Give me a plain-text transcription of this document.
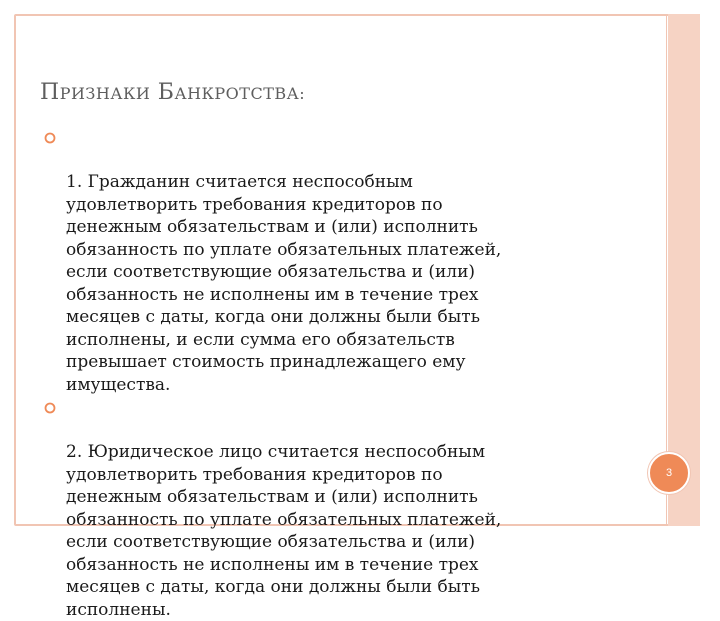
ПРИЗНАКИ БАНКРОТСТВА:

1. Гражданин считается неспособным
удовлетворить требования кредиторов по
денежным обязательствам и (или) исполнить
обязанность по уплате обязательных платежей,
если соответствующие обязательства и (или)
обязанность не исполнены им в течение трех
месяцев с даты, когда они должны были быть
исполнены, и если сумма его обязательств
превышает стоимость принадлежащего ему
имущества.

2. Юридическое лицо считается неспособным
удовлетворить требования кредиторов по
денежным обязательствам и (или) исполнить
обязанность по уплате обязательных платежей,
если соответствующие обязательства и (или)
обязанность не исполнены им в течение трех
месяцев с даты, когда они должны были быть
исполнены.

3
